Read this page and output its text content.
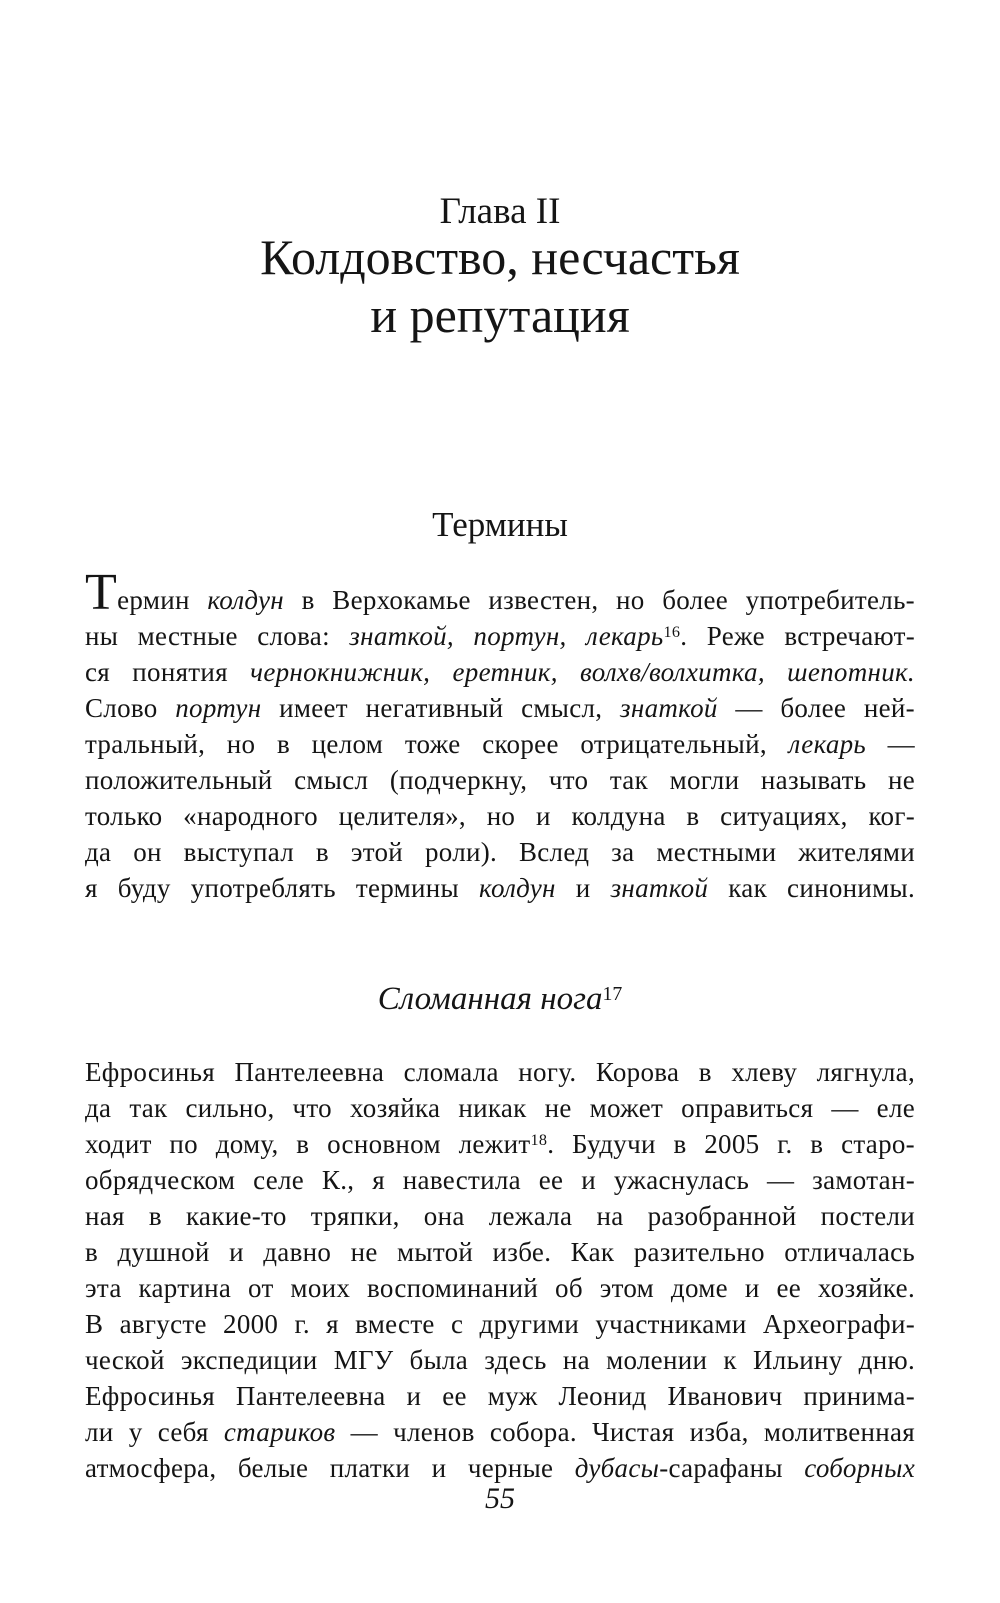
Глава II
Колдовство, несчастья
и репутация
Термины
Термин колдун в Верхокамье известен, но более употребитель-
ны местные слова: знаткой, портун, лекарь$^{16}$. Реже встречают-
ся понятия чернокнижник, еретник, волхв/волхитка, шепотник.
Слово портун имеет негативный смысл, знаткой — более ней-
тральный, но в целом тоже скорее отрицательный, лекарь —
положительный смысл (подчеркну, что так могли называть не
только «народного целителя», но и колдуна в ситуациях, ког-
да он выступал в этой роли). Вслед за местными жителями
я буду употреблять термины колдун и знаткой как синонимы.
Сломанная нога$^{17}$
Ефросинья Пантелеевна сломала ногу. Корова в хлеву лягнула,
да так сильно, что хозяйка никак не может оправиться — еле
ходит по дому, в основном лежит$^{18}$. Будучи в 2005 г. в старо-
обрядческом селе К., я навестила ее и ужаснулась — замотан-
ная в какие-то тряпки, она лежала на разобранной постели
в душной и давно не мытой избе. Как разительно отличалась
эта картина от моих воспоминаний об этом доме и ее хозяйке.
В августе 2000 г. я вместе с другими участниками Археографи-
ческой экспедиции МГУ была здесь на молении к Ильину дню.
Ефросинья Пантелеевна и ее муж Леонид Иванович принима-
ли у себя стариков — членов собора. Чистая изба, молитвенная
атмосфера, белые платки и черные дубасы-сарафаны соборных
55
